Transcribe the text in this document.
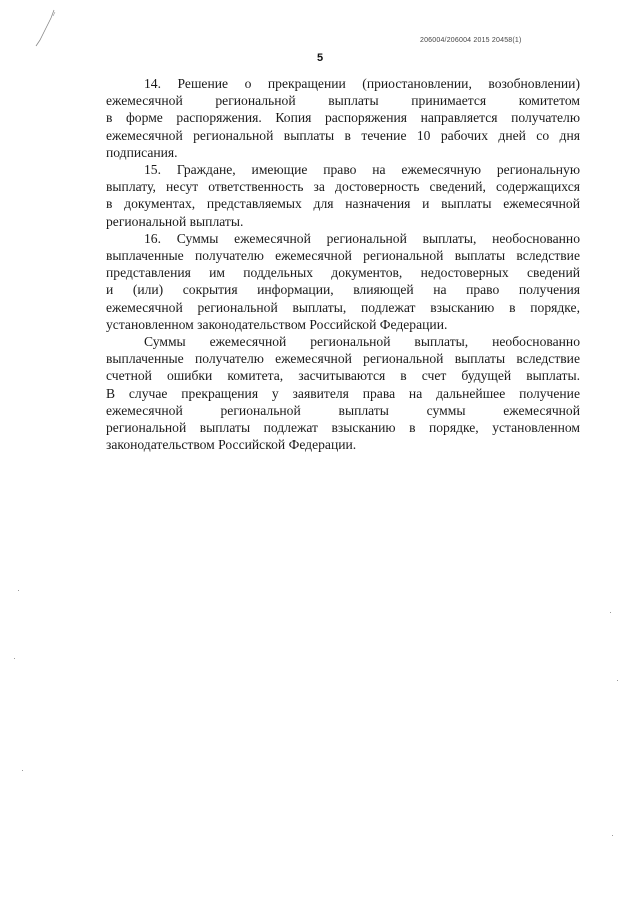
206004/206004 2015 20458(1)
5

14. Решение о прекращении (приостановлении, возобновлении)
ежемесячной региональной выплаты принимается комитетом
в форме распоряжения. Копия распоряжения направляется получателю
ежемесячной региональной выплаты в течение 10 рабочих дней со дня
подписания.

15. Граждане, имеющие право на ежемесячную региональную
выплату, несут ответственность за достоверность сведений, содержащихся
в документах, представляемых для назначения и выплаты ежемесячной
региональной выплаты.

16. Суммы ежемесячной региональной выплаты, необоснованно
выплаченные получателю ежемесячной региональной выплаты вследствие
представления им поддельных документов, недостоверных сведений
и (или) сокрытия информации, влияющей на право получения
ежемесячной региональной выплаты, подлежат взысканию в порядке,
установленном законодательством Российской Федерации.

Суммы ежемесячной региональной выплаты, необоснованно
выплаченные получателю ежемесячной региональной выплаты вследствие
счетной ошибки комитета, засчитываются в счет будущей выплаты.
В случае прекращения у заявителя права на дальнейшее получение
ежемесячной региональной выплаты суммы ежемесячной
региональной выплаты подлежат взысканию в порядке, установленном
законодательством Российской Федерации.
